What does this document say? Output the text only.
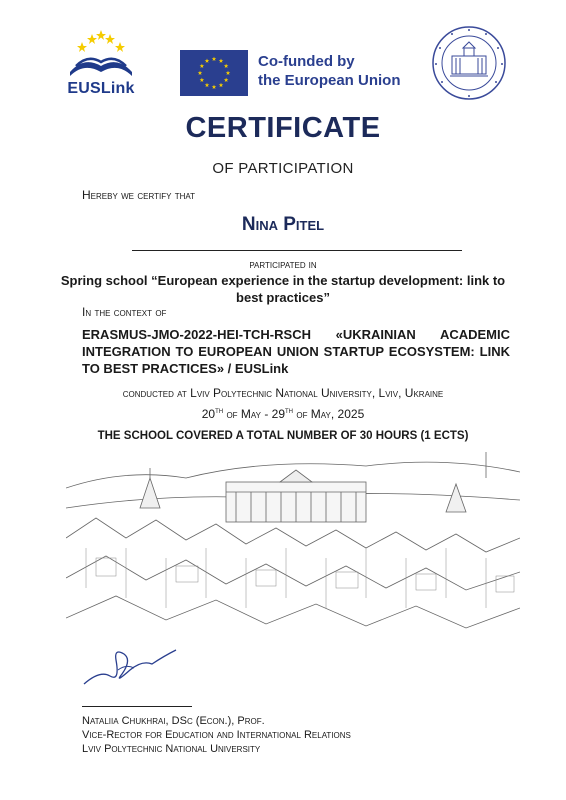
EUSLink
Co-funded by
the European Union
CERTIFICATE
OF PARTICIPATION
Hereby we certify that
Nina Pitel
participated in
Spring school “European experience in the startup development: link to best practices”
In the context of
ERASMUS-JMO-2022-HEI-TCH-RSCH «UKRAINIAN ACADEMIC INTEGRATION TO EUROPEAN UNION STARTUP ECOSYSTEM: LINK TO BEST PRACTICES» / EUSLink
conducted at Lviv Polytechnic National University, Lviv, Ukraine
20th of May - 29th of May, 2025
THE SCHOOL COVERED A TOTAL NUMBER OF 30 HOURS (1 ECTS)
Nataliia Chukhrai, DSc (Econ.), Prof.
Vice-Rector for Education and International Relations
Lviv Polytechnic National University
